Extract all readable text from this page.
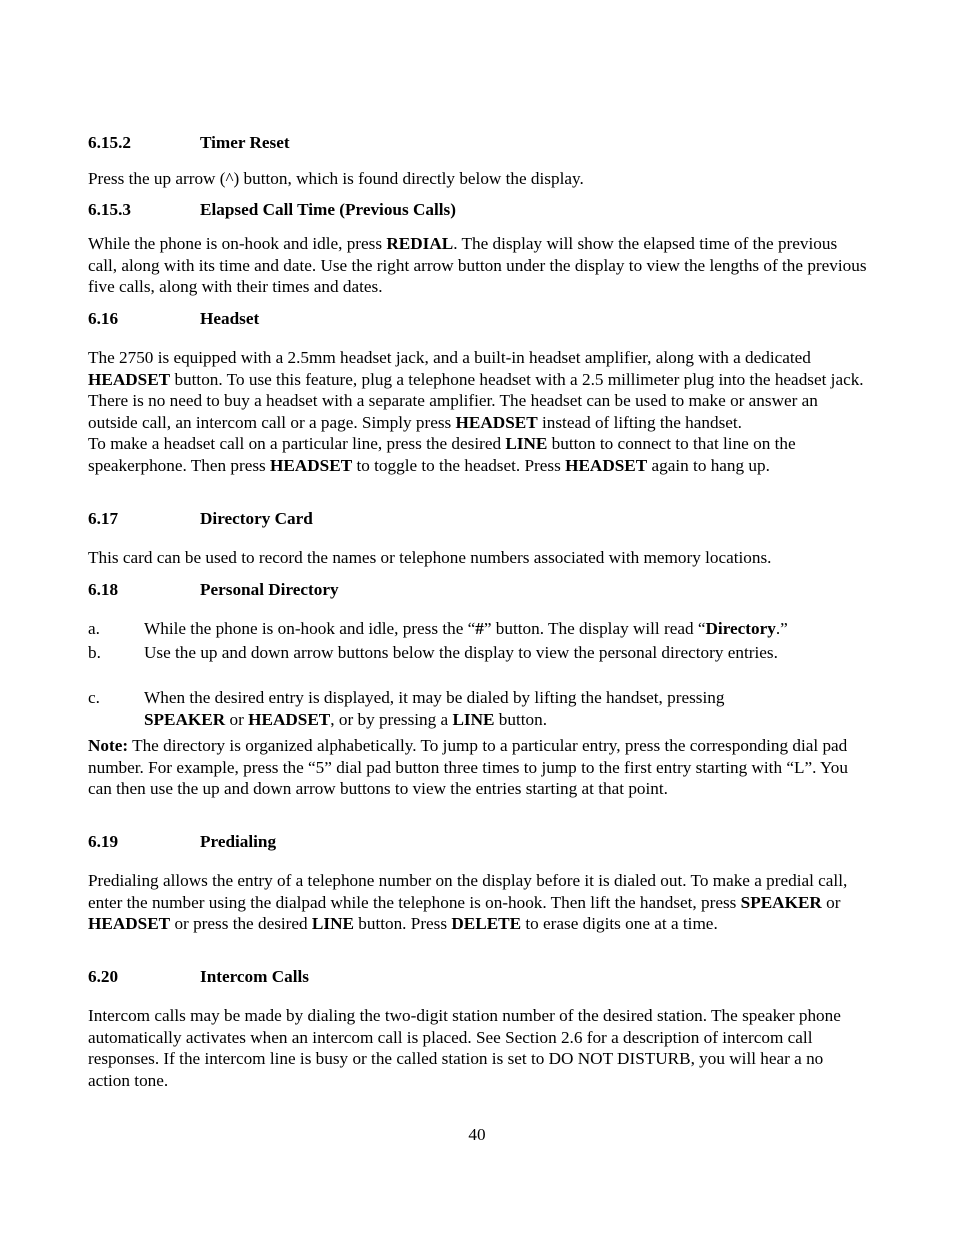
6.15.2	Timer Reset

Press the up arrow (^) button, which is found directly below the display.

6.15.3	Elapsed Call Time (Previous Calls)

While the phone is on-hook and idle, press REDIAL. The display will show the elapsed time of the previous call, along with its time and date. Use the right arrow button under the display to view the lengths of the previous five calls, along with their times and dates.

6.16	Headset

The 2750 is equipped with a 2.5mm headset jack, and a built-in headset amplifier, along with a dedicated HEADSET button. To use this feature, plug a telephone headset with a 2.5 millimeter plug into the headset jack. There is no need to buy a headset with a separate amplifier. The headset can be used to make or answer an outside call, an intercom call or a page. Simply press HEADSET instead of lifting the handset.
To make a headset call on a particular line, press the desired LINE button to connect to that line on the speakerphone. Then press HEADSET to toggle to the headset. Press HEADSET again to hang up.

6.17	Directory Card

This card can be used to record the names or telephone numbers associated with memory locations.

6.18	Personal Directory
a.	While the phone is on-hook and idle, press the “#” button. The display will read “Directory.”
b.	Use the up and down arrow buttons below the display to view the personal directory entries.
c.	When the desired entry is displayed, it may be dialed by lifting the handset, pressing SPEAKER or HEADSET, or by pressing a LINE button.

Note: The directory is organized alphabetically. To jump to a particular entry, press the corresponding dial pad number. For example, press the “5” dial pad button three times to jump to the first entry starting with “L”. You can then use the up and down arrow buttons to view the entries starting at that point.

6.19	Predialing

Predialing allows the entry of a telephone number on the display before it is dialed out. To make a predial call, enter the number using the dialpad while the telephone is on-hook. Then lift the handset, press SPEAKER or HEADSET or press the desired LINE button. Press DELETE to erase digits one at a time.

6.20	Intercom Calls

Intercom calls may be made by dialing the two-digit station number of the desired station. The speaker phone automatically activates when an intercom call is placed. See Section 2.6 for a description of intercom call responses. If the intercom line is busy or the called station is set to DO NOT DISTURB, you will hear a no action tone.

40
